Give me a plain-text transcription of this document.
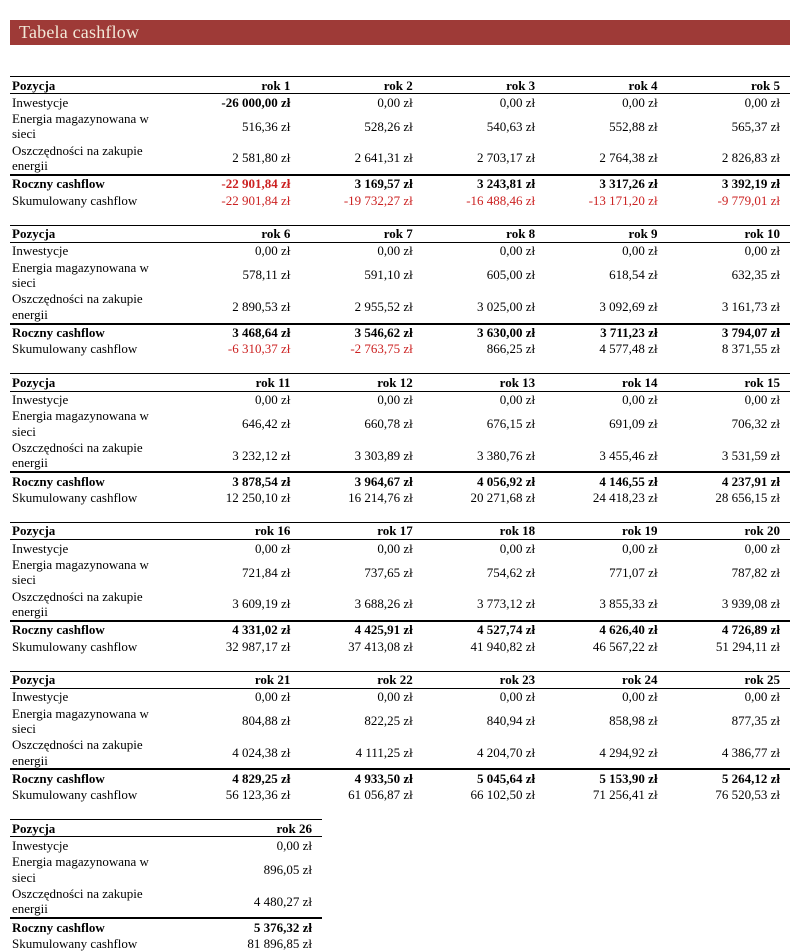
Tabela cashflow
Pozycja	rok 1	rok 2	rok 3	rok 4	rok 5
Inwestycje	-26 000,00 zł	0,00 zł	0,00 zł	0,00 zł	0,00 zł
Energia magazynowana w sieci	516,36 zł	528,26 zł	540,63 zł	552,88 zł	565,37 zł
Oszczędności na zakupie energii	2 581,80 zł	2 641,31 zł	2 703,17 zł	2 764,38 zł	2 826,83 zł
Roczny cashflow	-22 901,84 zł	3 169,57 zł	3 243,81 zł	3 317,26 zł	3 392,19 zł
Skumulowany cashflow	-22 901,84 zł	-19 732,27 zł	-16 488,46 zł	-13 171,20 zł	-9 779,01 zł
Pozycja	rok 6	rok 7	rok 8	rok 9	rok 10
Inwestycje	0,00 zł	0,00 zł	0,00 zł	0,00 zł	0,00 zł
Energia magazynowana w sieci	578,11 zł	591,10 zł	605,00 zł	618,54 zł	632,35 zł
Oszczędności na zakupie energii	2 890,53 zł	2 955,52 zł	3 025,00 zł	3 092,69 zł	3 161,73 zł
Roczny cashflow	3 468,64 zł	3 546,62 zł	3 630,00 zł	3 711,23 zł	3 794,07 zł
Skumulowany cashflow	-6 310,37 zł	-2 763,75 zł	866,25 zł	4 577,48 zł	8 371,55 zł
Pozycja	rok 11	rok 12	rok 13	rok 14	rok 15
Inwestycje	0,00 zł	0,00 zł	0,00 zł	0,00 zł	0,00 zł
Energia magazynowana w sieci	646,42 zł	660,78 zł	676,15 zł	691,09 zł	706,32 zł
Oszczędności na zakupie energii	3 232,12 zł	3 303,89 zł	3 380,76 zł	3 455,46 zł	3 531,59 zł
Roczny cashflow	3 878,54 zł	3 964,67 zł	4 056,92 zł	4 146,55 zł	4 237,91 zł
Skumulowany cashflow	12 250,10 zł	16 214,76 zł	20 271,68 zł	24 418,23 zł	28 656,15 zł
Pozycja	rok 16	rok 17	rok 18	rok 19	rok 20
Inwestycje	0,00 zł	0,00 zł	0,00 zł	0,00 zł	0,00 zł
Energia magazynowana w sieci	721,84 zł	737,65 zł	754,62 zł	771,07 zł	787,82 zł
Oszczędności na zakupie energii	3 609,19 zł	3 688,26 zł	3 773,12 zł	3 855,33 zł	3 939,08 zł
Roczny cashflow	4 331,02 zł	4 425,91 zł	4 527,74 zł	4 626,40 zł	4 726,89 zł
Skumulowany cashflow	32 987,17 zł	37 413,08 zł	41 940,82 zł	46 567,22 zł	51 294,11 zł
Pozycja	rok 21	rok 22	rok 23	rok 24	rok 25
Inwestycje	0,00 zł	0,00 zł	0,00 zł	0,00 zł	0,00 zł
Energia magazynowana w sieci	804,88 zł	822,25 zł	840,94 zł	858,98 zł	877,35 zł
Oszczędności na zakupie energii	4 024,38 zł	4 111,25 zł	4 204,70 zł	4 294,92 zł	4 386,77 zł
Roczny cashflow	4 829,25 zł	4 933,50 zł	5 045,64 zł	5 153,90 zł	5 264,12 zł
Skumulowany cashflow	56 123,36 zł	61 056,87 zł	66 102,50 zł	71 256,41 zł	76 520,53 zł
Pozycja	rok 26
Inwestycje	0,00 zł
Energia magazynowana w sieci	896,05 zł
Oszczędności na zakupie energii	4 480,27 zł
Roczny cashflow	5 376,32 zł
Skumulowany cashflow	81 896,85 zł
